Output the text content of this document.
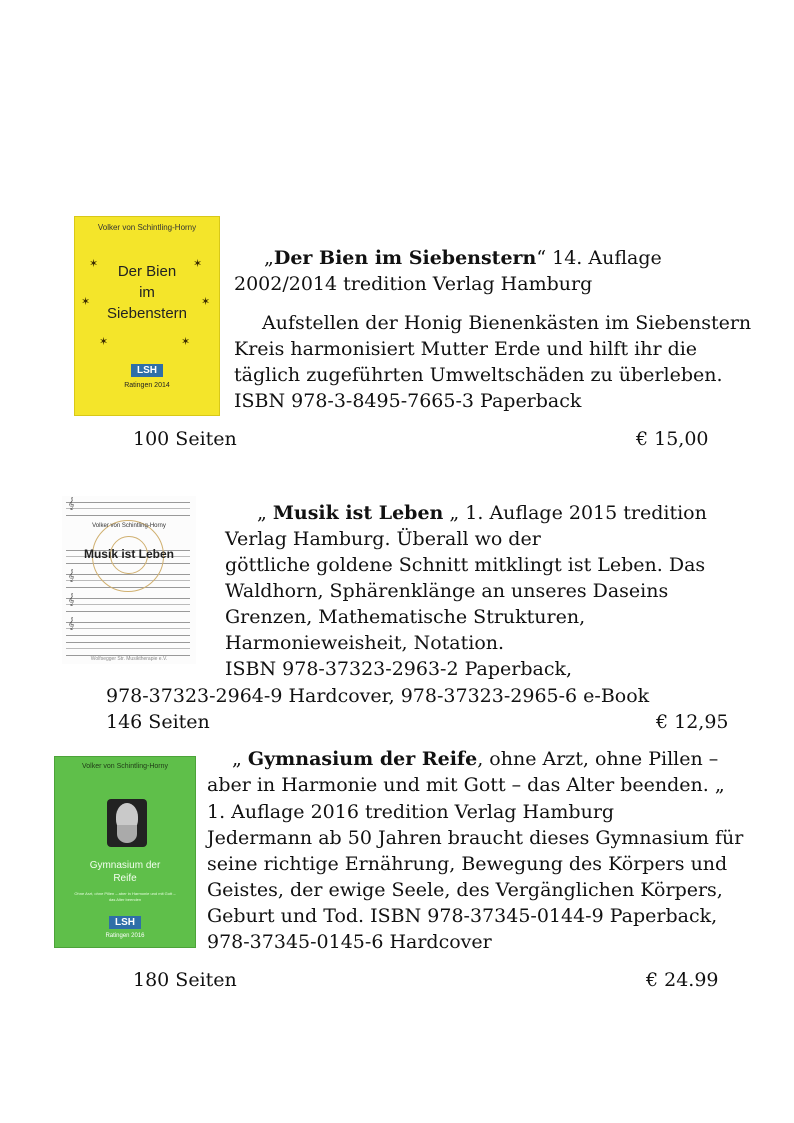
Volker von Schintling-Horny
Der Bien
im
Siebenstern
✶	✶
✶	✶
✶	✶
LSH
Ratingen 2014
„Der Bien im Siebenstern“ 14. Auflage
2002/2014 tredition Verlag Hamburg
Aufstellen der Honig Bienenkästen im Siebenstern
Kreis harmonisiert Mutter Erde und hilft ihr die
täglich zugeführten Umweltschäden zu überleben.
ISBN 978-3-8495-7665-3 Paperback
100 Seiten	€ 15,00
𝄞
𝄞
𝄞
𝄞
Volker von Schintling-Horny
Musik ist Leben
Wolfsegger Str. Musiktherapie e.V.
„ Musik ist Leben „ 1. Auflage 2015 tredition
Verlag Hamburg. Überall wo der
göttliche goldene Schnitt mitklingt ist Leben. Das
Waldhorn, Sphärenklänge an unseres Daseins
Grenzen, Mathematische Strukturen,
Harmonieweisheit, Notation.
ISBN 978-37323-2963-2 Paperback,
978-37323-2964-9 Hardcover, 978-37323-2965-6 e-Book
146 Seiten	€ 12,95
Volker von Schintling-Horny
Gymnasium der
Reife
Ohne Arzt, ohne Pillen – aber in Harmonie und mit Gott – das Alter beenden
LSH
Ratingen 2016
„ Gymnasium der Reife, ohne Arzt, ohne Pillen –
aber in Harmonie und mit Gott – das Alter beenden. „
1. Auflage 2016 tredition Verlag Hamburg
Jedermann ab 50 Jahren braucht dieses Gymnasium für
seine richtige Ernährung, Bewegung des Körpers und
Geistes, der ewige Seele, des Vergänglichen Körpers,
Geburt und Tod. ISBN 978-37345-0144-9 Paperback,
978-37345-0145-6 Hardcover
180 Seiten	€ 24.99
